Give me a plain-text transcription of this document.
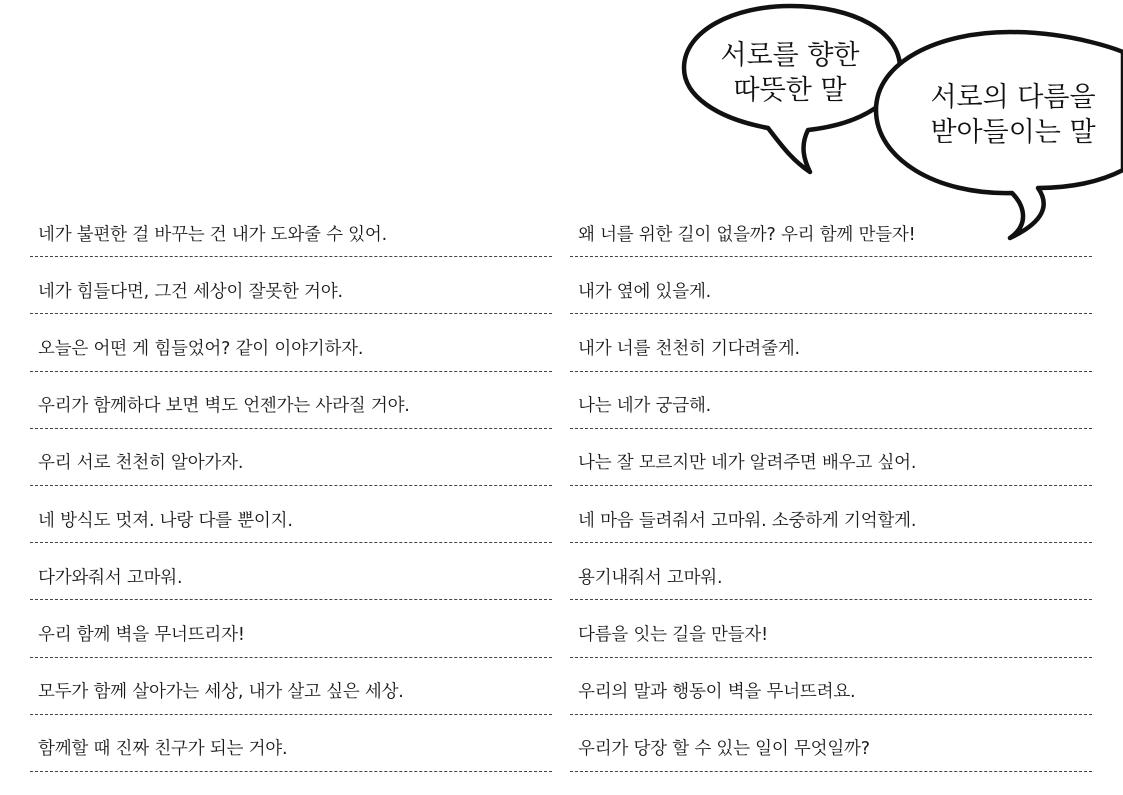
서로를 향한
따뜻한 말	서로의 다름을
받아들이는 말
네가 불편한 걸 바꾸는 건 내가 도와줄 수 있어.
네가 힘들다면, 그건 세상이 잘못한 거야.
오늘은 어떤 게 힘들었어? 같이 이야기하자.
우리가 함께하다 보면 벽도 언젠가는 사라질 거야.
우리 서로 천천히 알아가자.
네 방식도 멋져. 나랑 다를 뿐이지.
다가와줘서 고마워.
우리 함께 벽을 무너뜨리자!
모두가 함께 살아가는 세상, 내가 살고 싶은 세상.
함께할 때 진짜 친구가 되는 거야.
왜 너를 위한 길이 없을까? 우리 함께 만들자!
내가 옆에 있을게.
내가 너를 천천히 기다려줄게.
나는 네가 궁금해.
나는 잘 모르지만 네가 알려주면 배우고 싶어.
네 마음 들려줘서 고마워. 소중하게 기억할게.
용기내줘서 고마워.
다름을 잇는 길을 만들자!
우리의 말과 행동이 벽을 무너뜨려요.
우리가 당장 할 수 있는 일이 무엇일까?
